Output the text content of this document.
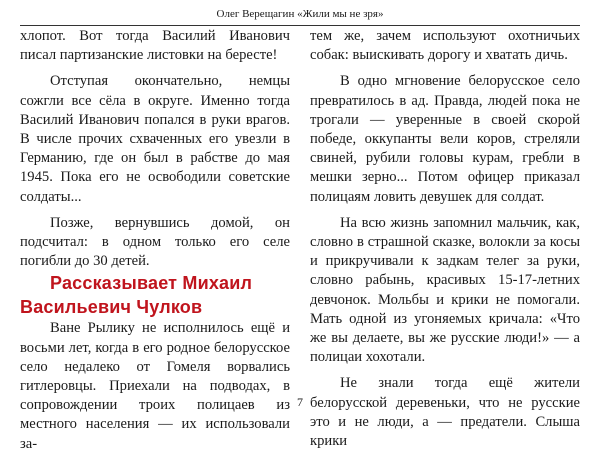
Олег Верещагин «Жили мы не зря»

хлопот. Вот тогда Василий Иванович писал партизанские листовки на бересте!

Отступая окончательно, немцы сожгли все сёла в округе. Именно тогда Василий Иванович попался в руки врагов. В числе прочих схваченных его увезли в Германию, где он был в рабстве до мая 1945. Пока его не освободили советские солдаты...

Позже, вернувшись домой, он подсчитал: в одном только его селе погибли до 30 детей.

Рассказывает Михаил Васильевич Чулков

Ване Рылику не исполнилось ещё и восьми лет, когда в его родное белорусское село недалеко от Гомеля ворвались гитлеровцы. Приехали на подводах, в сопровождении троих полицаев из местного населения — их использовали за-

тем же, зачем используют охотничьих собак: выискивать дорогу и хватать дичь.

В одно мгновение белорусское село превратилось в ад. Правда, людей пока не трогали — уверенные в своей скорой победе, оккупанты вели коров, стреляли свиней, рубили головы курам, гребли в мешки зерно... Потом офицер приказал полицаям ловить девушек для солдат.

На всю жизнь запомнил мальчик, как, словно в страшной сказке, волокли за косы и прикручивали к задкам телег за руки, словно рабынь, красивых 15-17-летних девчонок. Мольбы и крики не помогали. Мать одной из угоняемых кричала: «Что же вы делаете, вы же русские люди!» — а полицаи хохотали.

Не знали тогда ещё жители белорусской деревеньки, что не русские это и не люди, а — предатели. Слыша крики

7
